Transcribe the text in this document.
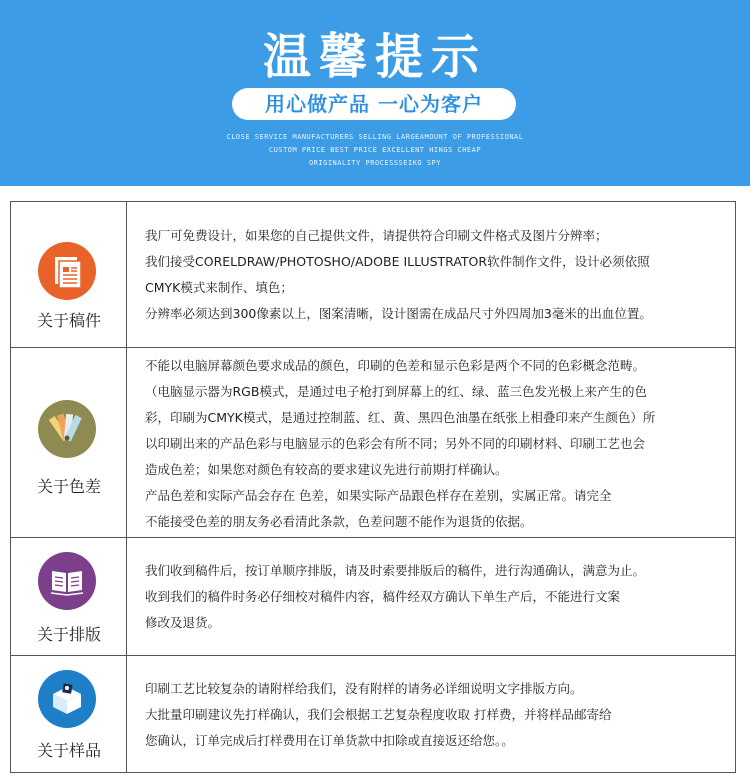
温馨提示
用心做产品 一心为客户
CLOSE SERVICE MANUFACTURERS SELLING LARGEAMOUNT OF PROFESSIONAL
CUSTOM PRICE BEST PRICE EXCELLENT HINGS CHEAP
ORIGINALITY PROCESSSEIKO SPY
关于稿件

我厂可免费设计，如果您的自己提供文件，请提供符合印刷文件格式及图片分辨率；

我们接受CORELDRAW/PHOTOSHO/ADOBE ILLUSTRATOR软件制作文件，设计必须依照

CMYK模式来制作、填色；

分辨率必须达到300像素以上，图案清晰，设计图需在成品尺寸外四周加3毫米的出血位置。

关于色差

不能以电脑屏幕颜色要求成品的颜色，印刷的色差和显示色彩是两个不同的色彩概念范畴。

（电脑显示器为RGB模式，是通过电子枪打到屏幕上的红、绿、蓝三色发光极上来产生的色

彩，印刷为CMYK模式，是通过控制蓝、红、黄、黑四色油墨在纸张上相叠印来产生颜色）所

以印刷出来的产品色彩与电脑显示的色彩会有所不同；另外不同的印刷材料、印刷工艺也会

造成色差；如果您对颜色有较高的要求建议先进行前期打样确认。

产品色差和实际产品会存在 色差，如果实际产品跟色样存在差别，实属正常。请完全

不能接受色差的朋友务必看清此条款，色差问题不能作为退货的依据。

关于排版

我们收到稿件后，按订单顺序排版，请及时索要排版后的稿件，进行沟通确认，满意为止。

收到我们的稿件时务必仔细校对稿件内容，稿件经双方确认下单生产后，不能进行文案

修改及退货。

关于样品

印刷工艺比较复杂的请附样给我们，没有附样的请务必详细说明文字排版方向。

大批量印刷建议先打样确认，我们会根据工艺复杂程度收取 打样费，并将样品邮寄给

您确认，订单完成后打样费用在订单货款中扣除或直接返还给您。。
